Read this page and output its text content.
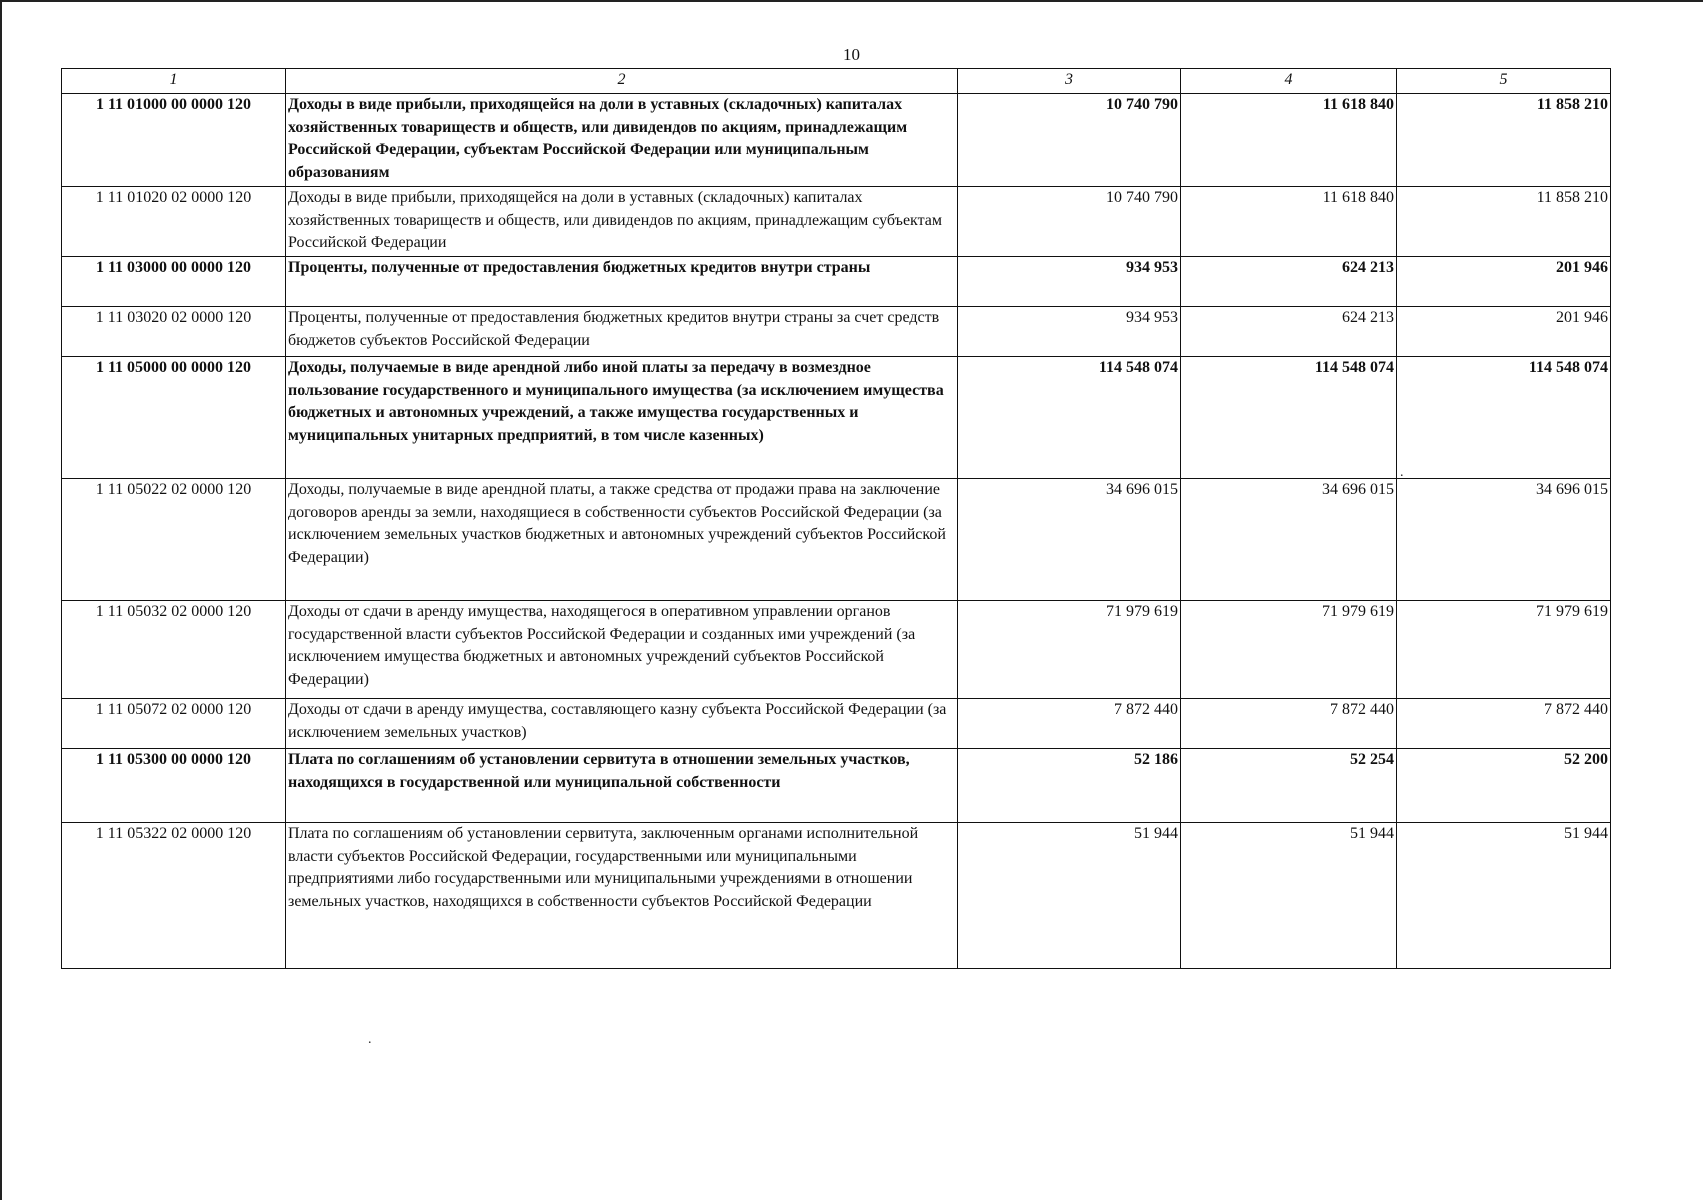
10
1	2	3	4	5
1 11 01000 00 0000 120	Доходы в виде прибыли, приходящейся на доли в уставных (складочных) капиталах хозяйственных товариществ и обществ, или дивидендов по акциям, принадлежащим Российской Федерации, субъектам Российской Федерации или муниципальным образованиям	10 740 790	11 618 840	11 858 210
1 11 01020 02 0000 120	Доходы в виде прибыли, приходящейся на доли в уставных (складочных) капиталах хозяйственных товариществ и обществ, или дивидендов по акциям, принадлежащим субъектам Российской Федерации	10 740 790	11 618 840	11 858 210
1 11 03000 00 0000 120	Проценты, полученные от предоставления бюджетных кредитов внутри страны	934 953	624 213	201 946
1 11 03020 02 0000 120	Проценты, полученные от предоставления бюджетных кредитов внутри страны за счет средств бюджетов субъектов Российской Федерации	934 953	624 213	201 946
1 11 05000 00 0000 120	Доходы, получаемые в виде арендной либо иной платы за передачу в возмездное пользование государственного и муниципального имущества (за исключением имущества бюджетных и автономных учреждений, а также имущества государственных и муниципальных унитарных предприятий, в том числе казенных)	114 548 074	114 548 074	114 548 074
1 11 05022 02 0000 120	Доходы, получаемые в виде арендной платы, а также средства от продажи права на заключение договоров аренды за земли, находящиеся в собственности субъектов Российской Федерации (за исключением земельных участков бюджетных и автономных учреждений субъектов Российской Федерации)	34 696 015	34 696 015	34 696 015
1 11 05032 02 0000 120	Доходы от сдачи в аренду имущества, находящегося в оперативном управлении органов государственной власти субъектов Российской Федерации и созданных ими учреждений (за исключением имущества бюджетных и автономных учреждений субъектов Российской Федерации)	71 979 619	71 979 619	71 979 619
1 11 05072 02 0000 120	Доходы от сдачи в аренду имущества, составляющего казну субъекта Российской Федерации (за исключением земельных участков)	7 872 440	7 872 440	7 872 440
1 11 05300 00 0000 120	Плата по соглашениям об установлении сервитута в отношении земельных участков, находящихся в государственной или муниципальной собственности	52 186	52 254	52 200
1 11 05322 02 0000 120	Плата по соглашениям об установлении сервитута, заключенным органами исполнительной власти субъектов Российской Федерации, государственными или муниципальными предприятиями либо государственными или муниципальными учреждениями в отношении земельных участков, находящихся в собственности субъектов Российской Федерации	51 944	51 944	51 944
.
.
